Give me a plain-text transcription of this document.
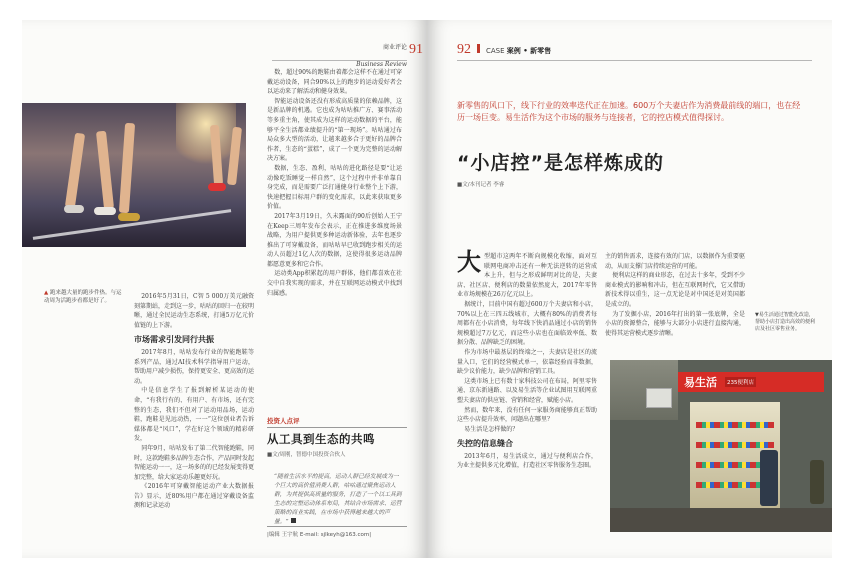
商业评论
Business Review
91
▲ 跑来越大量的跑步件热。与运动周为活跑步看都是好了。

2016年5月31日，C智 5 000万美元融资刻第期站，走到这一步，咕咕的回归一在较明晰，通过全民运动生态系统，打通5万亿元价值链的上下游。

市场需求引发同行共振

2017年8月，咕咕发布行业的智能跑鞋等系列产品，通过AI技术科学指导用户运动，帮助用户减少损伤，保持更安全、更高效的运动。

中是信息学生了报到解析某运动的使命，“有我行有的、有用户、有市场，还有完整的生态，我们不但对了运动用品场，运动鞋，跑鞋是见远动热，一一”这位创业者告诉媒体都是“风口”，学在好这个领域的精彩研发，

同年9月，咕咕发布了第二代智能跑鞋，同时，这款跑鞋多品牌生态合作，产品同时发起智能运动一一，这一场多的的已经发展变得更加完整，给大家运动乐趣更好玩。

《2016年可穿戴智能运动产业大数据报告》显示，近80%用户都在通过穿戴设备监测和记录运动

数，超过90%的跑鞋由着都会这样不在通过可穿戴运动设备，同合90%以上的跑步的运动爱好者会以运动来了解活动和健身效果。

智能运动设备还没有形成高质量的依赖品牌，这是新品牌的机遇。它也成为咕咕推广方、赛事活动等多重主角，使其成为这样的运动数据的平台，能够平全生活都业绩提升的“第一现场”。咕咕通过布局众多大型的活动，让越来越多合于更好的品牌合作者，生态的“蛋糕”，成了一个更为完整的运动解决方案。

数据，生态、盈利，咕咕的进化路径是要“让运动像吃饭睡觉一样自然”，这个过程中并非单靠自身完成，而是需要广泛打通健身行业整个上下游，快速把握目标用户群的变化需求，以此来获取更多价值。

2017年3月19日，久未露面的90后创始人王宁在Keep三周年发布会表示，正在推进多维度场景战略，为用户提供更多种运动新体验，去年也逐步推出了可穿戴设备，而咕咕早已收到跑步相关的运动人员超过1亿人次的数据，这使得很多运动品牌都愿意更多和它合作。

运动类App积累起的用户群体，他们都喜欢在社交中自我实现的需求，并在互联网运动模式中找到归属感。

投资人点评
从工具到生态的共鸣
■文/周刚，智德中国投资合伙人
“随着生活水平的提高，运动人群已经发展成为一个巨大的高价值消费人群，咕咕通过聚焦运动人群，为其提供高质量的服务，打造了一个以工具到生态的完整运动体系布局，其结合市场需求、运营策略的商业实践，在市场中获得越来越大的声量。”
|编辑 王宇航 E-mail: sjlkeyh@163.com|
92 CASE 案例 • 新零售
新零售的风口下，线下行业的效率迭代正在加速。600万个夫妻店作为消费最前线的端口，也在经历一场巨变。易生活作为这个市场的服务与连接者，它的控店模式值得探讨。
“小店控”是怎样炼成的
■文/本刊记者 李睿
大 型超市这两年不断向规模化收缩，面对互联网电商冲击还有一种无法逆转的运营成本上升，但与之形成鲜明对比的是，夫妻店、社区店、便利店的数量依然庞大，2017年零售业市场规模在26万亿元以上。

据统计，目前中国有超过600万个夫妻店和小店，70%以上在三四五线城市，大概有80%的消费者每周都有在小店消费，每年线下快消品通过小店的销售规模超过7万亿元，而这些小店也在面临效率低、数据分散、品牌缺乏的困境。

作为市场中最基层的终端之一，夫妻店是社区的流量入口，它们的经营模式单一，依靠经验而非数据，缺少议价能力，缺少品牌和营销工具。

这类市场上已有数十家科技公司在布局，阿里零售通、京东新通路、以及易生活等企业试图用互联网重塑夫妻店的供应链、营销和经营，赋能小店。

然而，数年来，没有任何一家服务商能够真正帮助这些小店提升效率，问题出在哪里？

易生活是怎样做的？

失控的信息缝合

2013年6月，易生活成立，通过与便利店合作，为业主提供多元化增值，打造社区零售服务生态圈。

主的销售需求，连接有效的门店，以数据作为重要驱动，从而支撑门店持续运营的可能。

便利店这样的商业形态，在过去十多年，受到不少商业模式的影响和冲击，但在互联网时代，它又借助新技术得以重生，这一点无论是对中国还是对美国都是成立的。

为了发掘小店，2016年打出的第一张底牌，全是小店的资源整合，能够与大部分小店进行直接沟通，使得其运营模式逐步清晰。

▼易生活通过智能化改造，帮助小店打造出高效的便利店及社区零售业务。
易生活	235便利店
